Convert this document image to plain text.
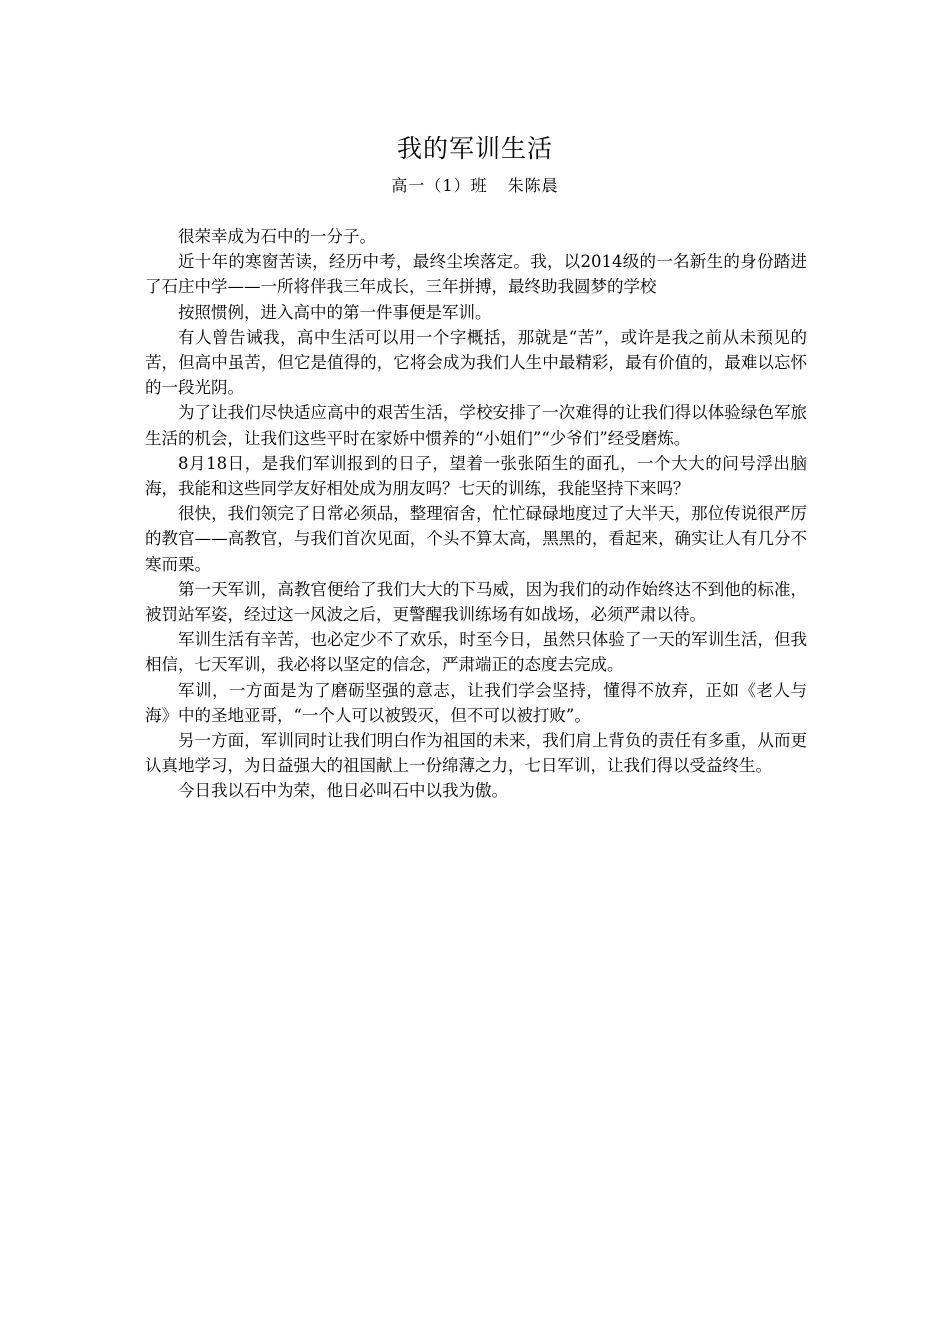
我的军训生活
高一（1）班 朱陈晨

很荣幸成为石中的一分子。

近十年的寒窗苦读，经历中考，最终尘埃落定。我，以2014级的一名新生的身份踏进了石庄中学——一所将伴我三年成长，三年拼搏，最终助我圆梦的学校

按照惯例，进入高中的第一件事便是军训。

有人曾告诫我，高中生活可以用一个字概括，那就是“苦”，或许是我之前从未预见的苦，但高中虽苦，但它是值得的，它将会成为我们人生中最精彩，最有价值的，最难以忘怀的一段光阴。

为了让我们尽快适应高中的艰苦生活，学校安排了一次难得的让我们得以体验绿色军旅生活的机会，让我们这些平时在家娇中惯养的“小姐们”“少爷们”经受磨炼。

8月18日，是我们军训报到的日子，望着一张张陌生的面孔，一个大大的问号浮出脑海，我能和这些同学友好相处成为朋友吗？七天的训练，我能坚持下来吗？

很快，我们领完了日常必须品，整理宿舍，忙忙碌碌地度过了大半天，那位传说很严厉的教官——高教官，与我们首次见面，个头不算太高，黑黑的，看起来，确实让人有几分不寒而栗。

第一天军训，高教官便给了我们大大的下马威，因为我们的动作始终达不到他的标准，被罚站军姿，经过这一风波之后，更警醒我训练场有如战场，必须严肃以待。

军训生活有辛苦，也必定少不了欢乐，时至今日，虽然只体验了一天的军训生活，但我相信，七天军训，我必将以坚定的信念，严肃端正的态度去完成。

军训，一方面是为了磨砺坚强的意志，让我们学会坚持，懂得不放弃，正如《老人与海》中的圣地亚哥，“一个人可以被毁灭，但不可以被打败”。

另一方面，军训同时让我们明白作为祖国的未来，我们肩上背负的责任有多重，从而更认真地学习，为日益强大的祖国献上一份绵薄之力，七日军训，让我们得以受益终生。

今日我以石中为荣，他日必叫石中以我为傲。
